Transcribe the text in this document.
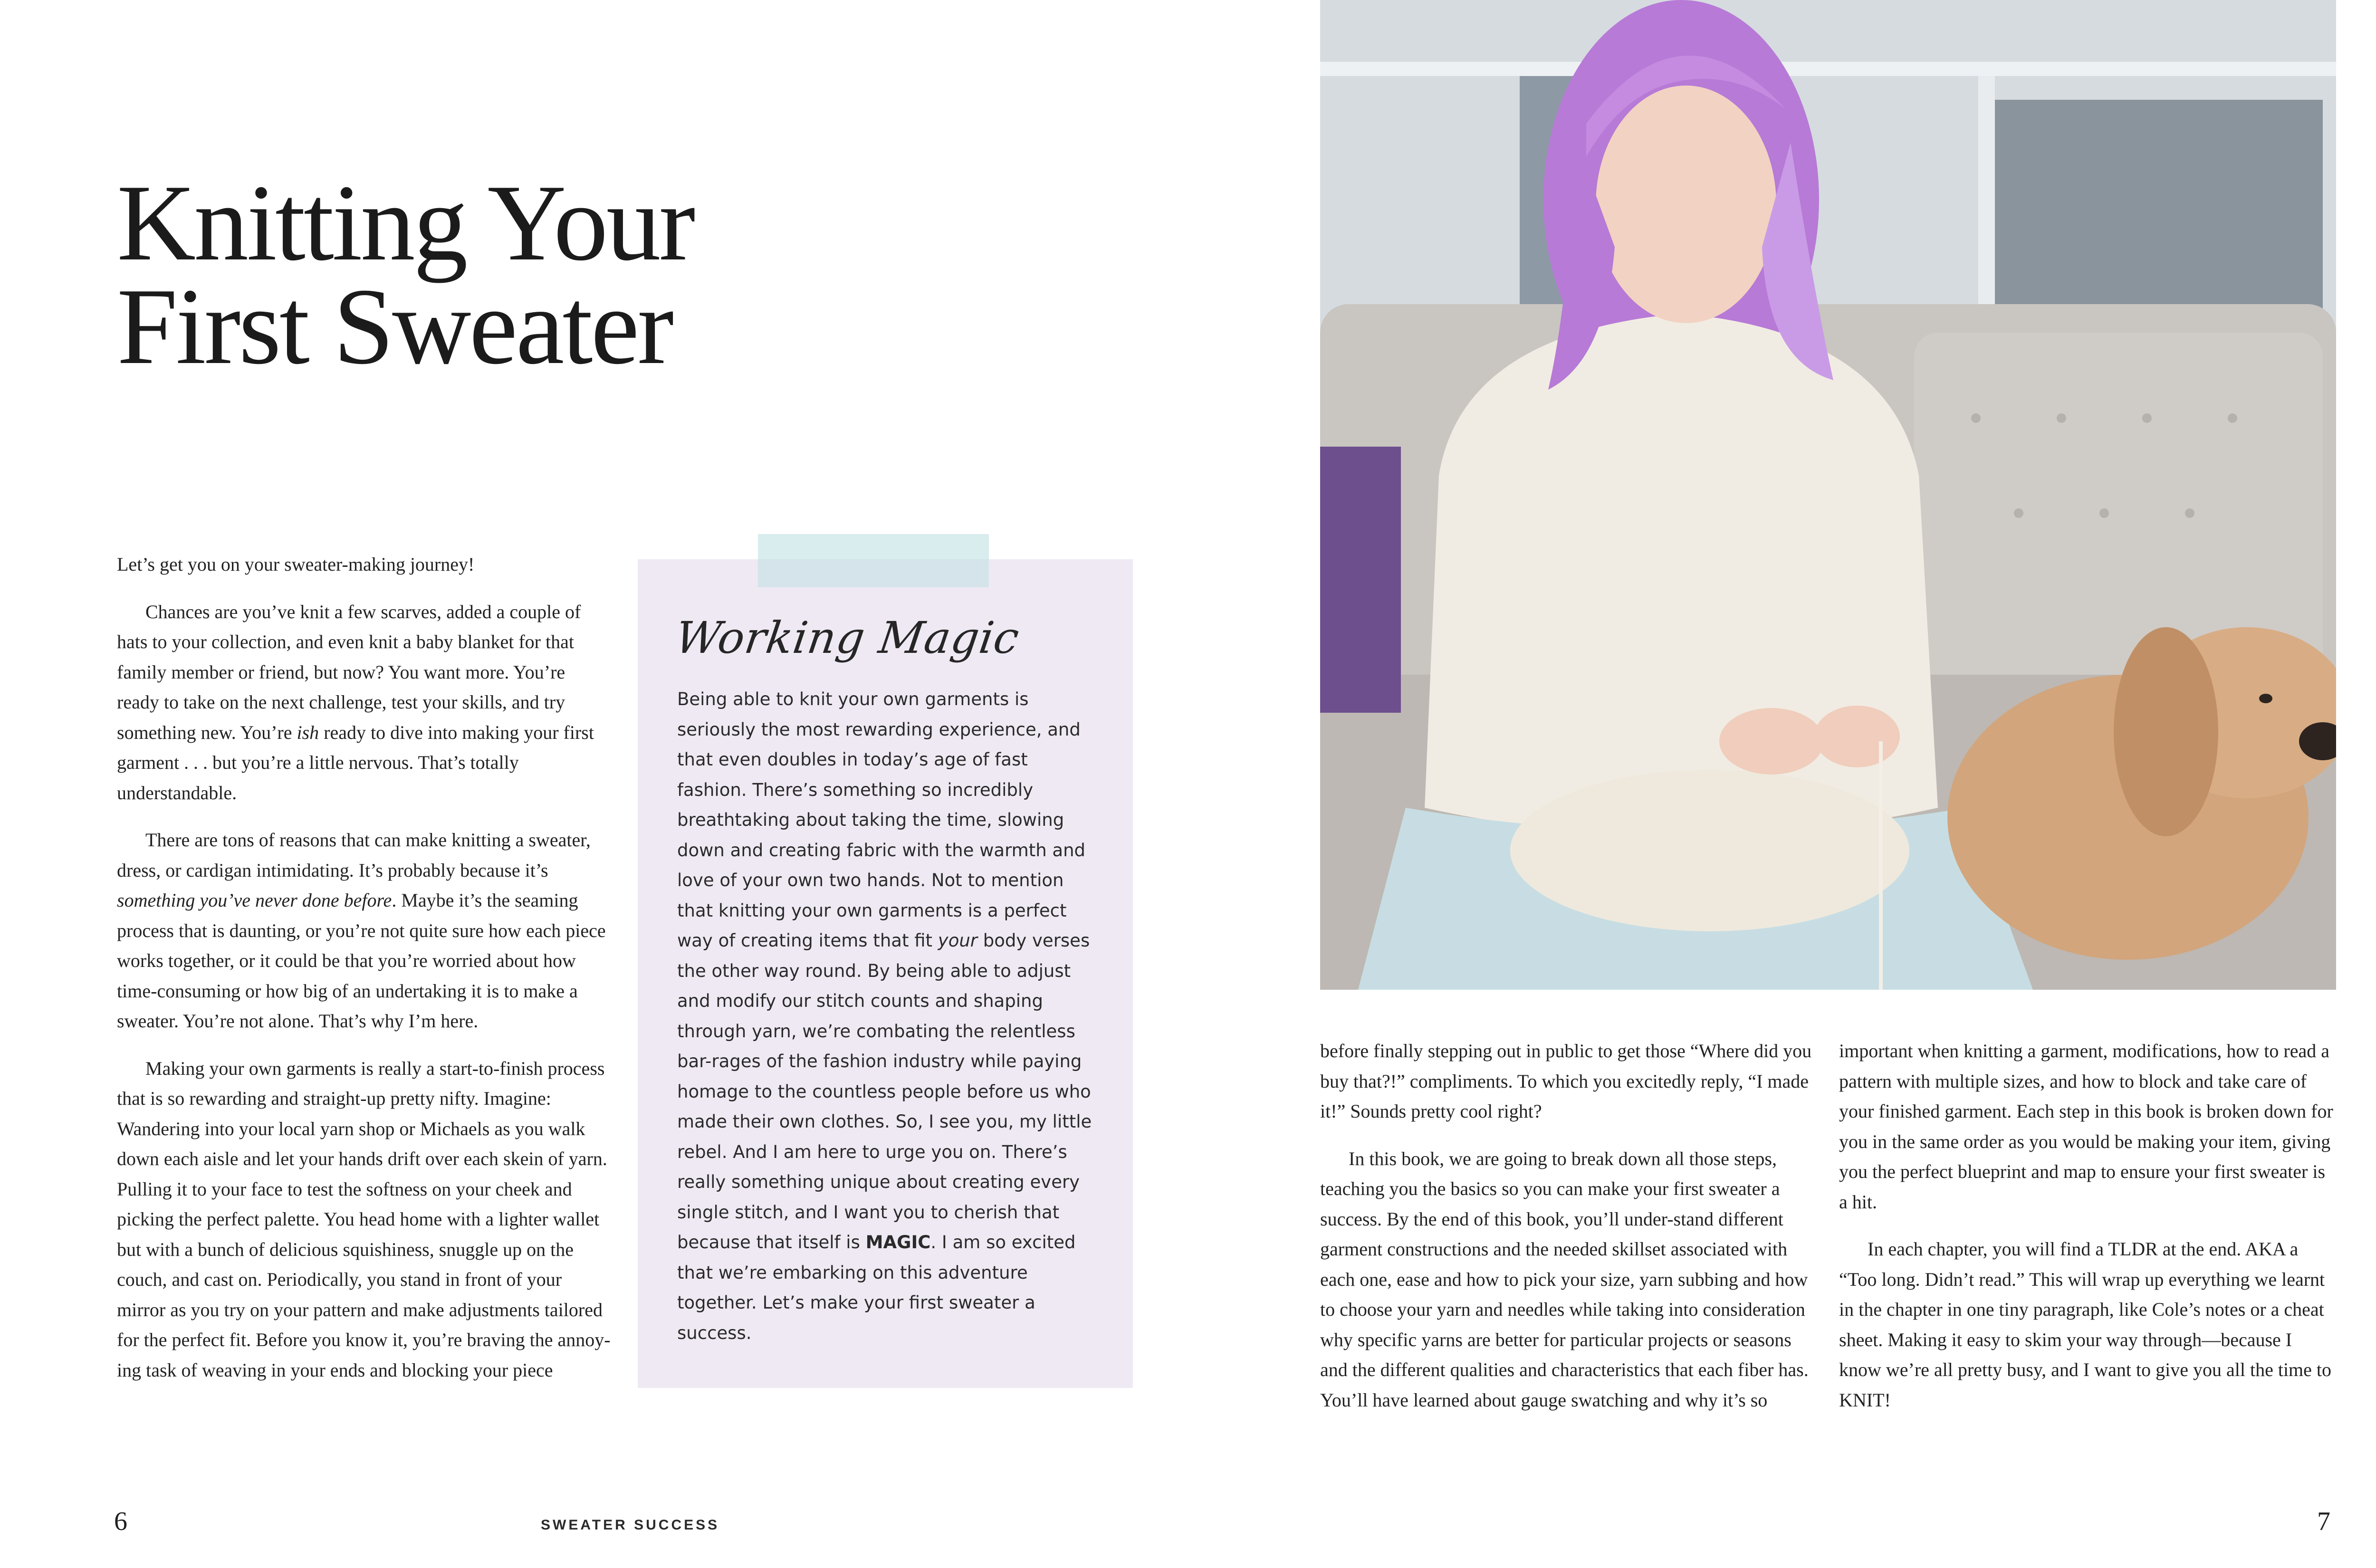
Knitting Your
First Sweater

Let’s get you on your sweater-making journey!

Chances are you’ve knit a few scarves, added a couple of hats to your collection, and even knit a baby blanket for that family member or friend, but now? You want more. You’re ready to take on the next challenge, test your skills, and try something new. You’re ish ready to dive into making your first garment . . . but you’re a little nervous. That’s totally understandable.

There are tons of reasons that can make knitting a sweater, dress, or cardigan intimidating. It’s probably because it’s something you’ve never done before. Maybe it’s the seaming process that is daunting, or you’re not quite sure how each piece works together, or it could be that you’re worried about how time-consuming or how big of an undertaking it is to make a sweater. You’re not alone. That’s why I’m here.

Making your own garments is really a start-to-finish process that is so rewarding and straight-up pretty nifty. Imagine: Wandering into your local yarn shop or Michaels as you walk down each aisle and let your hands drift over each skein of yarn. Pulling it to your face to test the softness on your cheek and picking the perfect palette. You head home with a lighter wallet but with a bunch of delicious squishiness, snuggle up on the couch, and cast on. Periodically, you stand in front of your mirror as you try on your pattern and make adjustments tailored for the perfect fit. Before you know it, you’re braving the annoy-ing task of weaving in your ends and blocking your piece

Working Magic
Being able to knit your own garments is seriously the most rewarding experience, and that even doubles in today’s age of fast fashion. There’s something so incredibly breathtaking about taking the time, slowing down and creating fabric with the warmth and love of your own two hands. Not to mention that knitting your own garments is a perfect way of creating items that fit your body verses the other way round. By being able to adjust and modify our stitch counts and shaping through yarn, we’re combating the relentless bar-rages of the fashion industry while paying homage to the countless people before us who made their own clothes. So, I see you, my little rebel. And I am here to urge you on. There’s really something unique about creating every single stitch, and I want you to cherish that because that itself is MAGIC. I am so excited that we’re embarking on this adventure together. Let’s make your first sweater a success.

before finally stepping out in public to get those “Where did you buy that?!” compliments. To which you excitedly reply, “I made it!” Sounds pretty cool right?

In this book, we are going to break down all those steps, teaching you the basics so you can make your first sweater a success. By the end of this book, you’ll under-stand different garment constructions and the needed skillset associated with each one, ease and how to pick your size, yarn subbing and how to choose your yarn and needles while taking into consideration why specific yarns are better for particular projects or seasons and the different qualities and characteristics that each fiber has. You’ll have learned about gauge swatching and why it’s so

important when knitting a garment, modifications, how to read a pattern with multiple sizes, and how to block and take care of your finished garment. Each step in this book is broken down for you in the same order as you would be making your item, giving you the perfect blueprint and map to ensure your first sweater is a hit.

In each chapter, you will find a TLDR at the end. AKA a “Too long. Didn’t read.” This will wrap up everything we learnt in the chapter in one tiny paragraph, like Cole’s notes or a cheat sheet. Making it easy to skim your way through—because I know we’re all pretty busy, and I want to give you all the time to KNIT!

6	SWEATER SUCCESS	7
